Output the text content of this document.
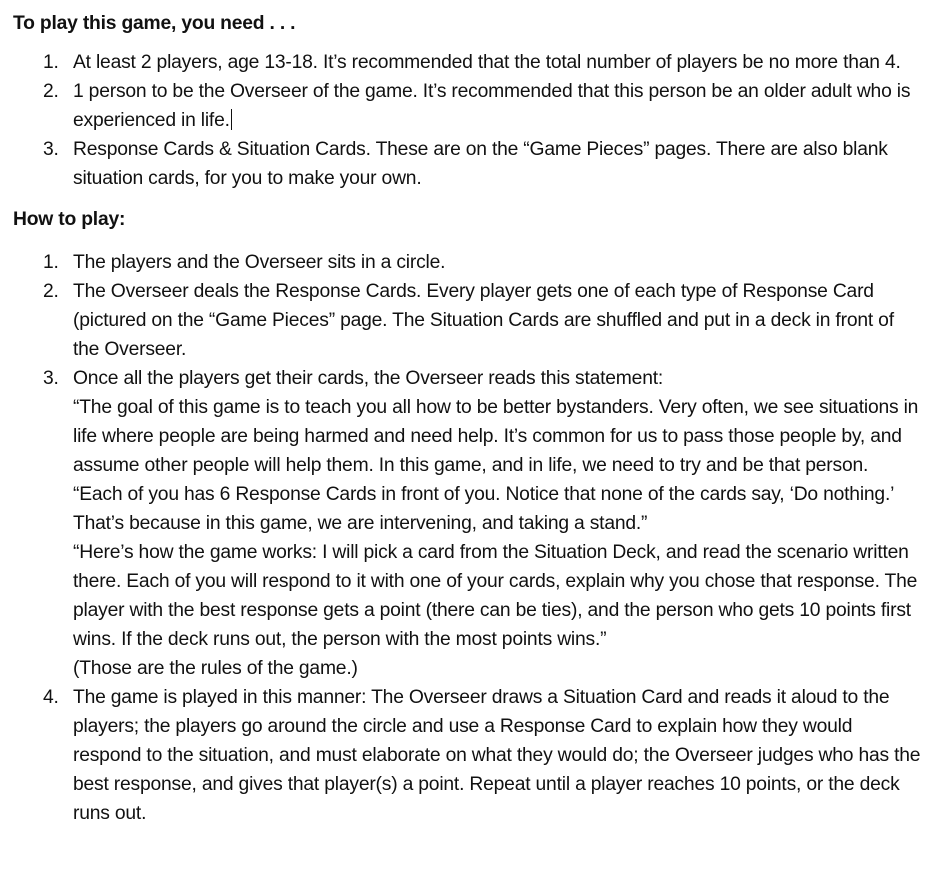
To play this game, you need . . .
1. At least 2 players, age 13-18. It’s recommended that the total number of players be no more than 4.
2. 1 person to be the Overseer of the game. It’s recommended that this person be an older adult who is experienced in life.
3. Response Cards & Situation Cards. These are on the “Game Pieces” pages. There are also blank situation cards, for you to make your own.
How to play:
1. The players and the Overseer sits in a circle.
2. The Overseer deals the Response Cards. Every player gets one of each type of Response Card (pictured on the “Game Pieces” page. The Situation Cards are shuffled and put in a deck in front of the Overseer.
3. Once all the players get their cards, the Overseer reads this statement:
“The goal of this game is to teach you all how to be better bystanders. Very often, we see situations in life where people are being harmed and need help. It’s common for us to pass those people by, and assume other people will help them. In this game, and in life, we need to try and be that person.
“Each of you has 6 Response Cards in front of you. Notice that none of the cards say, ‘Do nothing.’ That’s because in this game, we are intervening, and taking a stand.”
“Here’s how the game works: I will pick a card from the Situation Deck, and read the scenario written there. Each of you will respond to it with one of your cards, explain why you chose that response. The player with the best response gets a point (there can be ties), and the person who gets 10 points first wins. If the deck runs out, the person with the most points wins.”
(Those are the rules of the game.)
4. The game is played in this manner: The Overseer draws a Situation Card and reads it aloud to the players; the players go around the circle and use a Response Card to explain how they would respond to the situation, and must elaborate on what they would do; the Overseer judges who has the best response, and gives that player(s) a point. Repeat until a player reaches 10 points, or the deck runs out.
